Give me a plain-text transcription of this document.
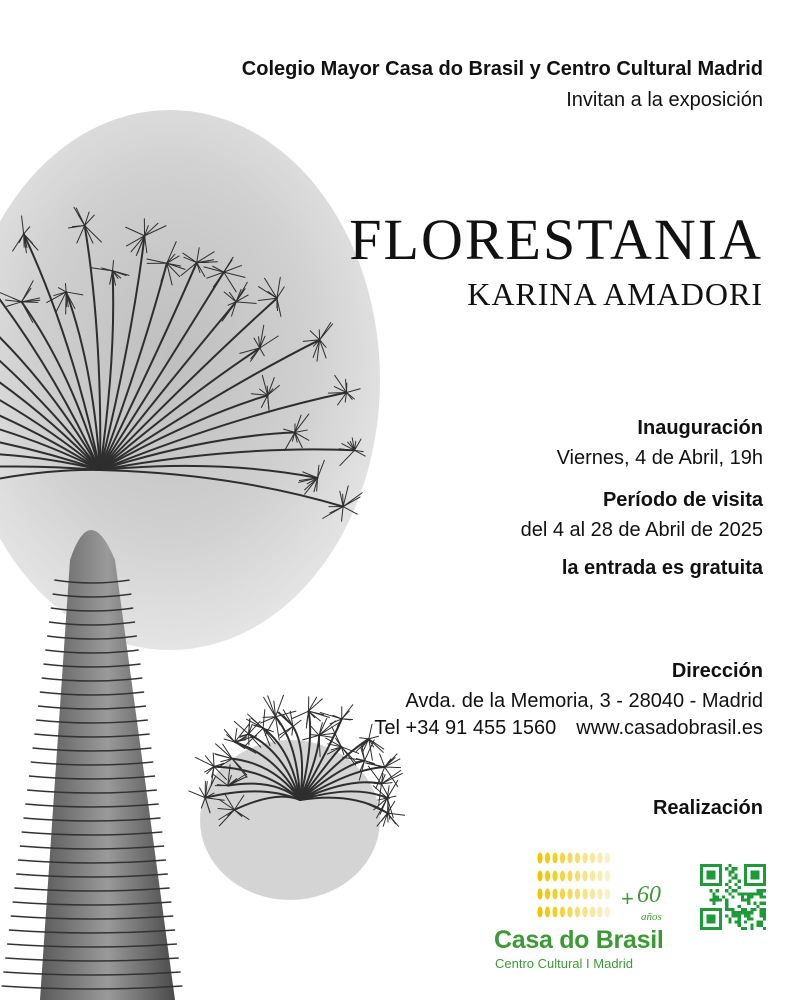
Colegio Mayor Casa do Brasil y Centro Cultural Madrid
Invitan a la exposición
FLORESTANIA
KARINA AMADORI
Inauguración
Viernes, 4 de Abril, 19h
Período de visita
del 4 al 28 de Abril de 2025
la entrada es gratuita
Dirección
Avda. de la Memoria, 3 - 28040 - Madrid
Tel +34 91 455 1560 www.casadobrasil.es
Realización
+ 60
años
Casa do Brasil
Centro Cultural I Madrid
